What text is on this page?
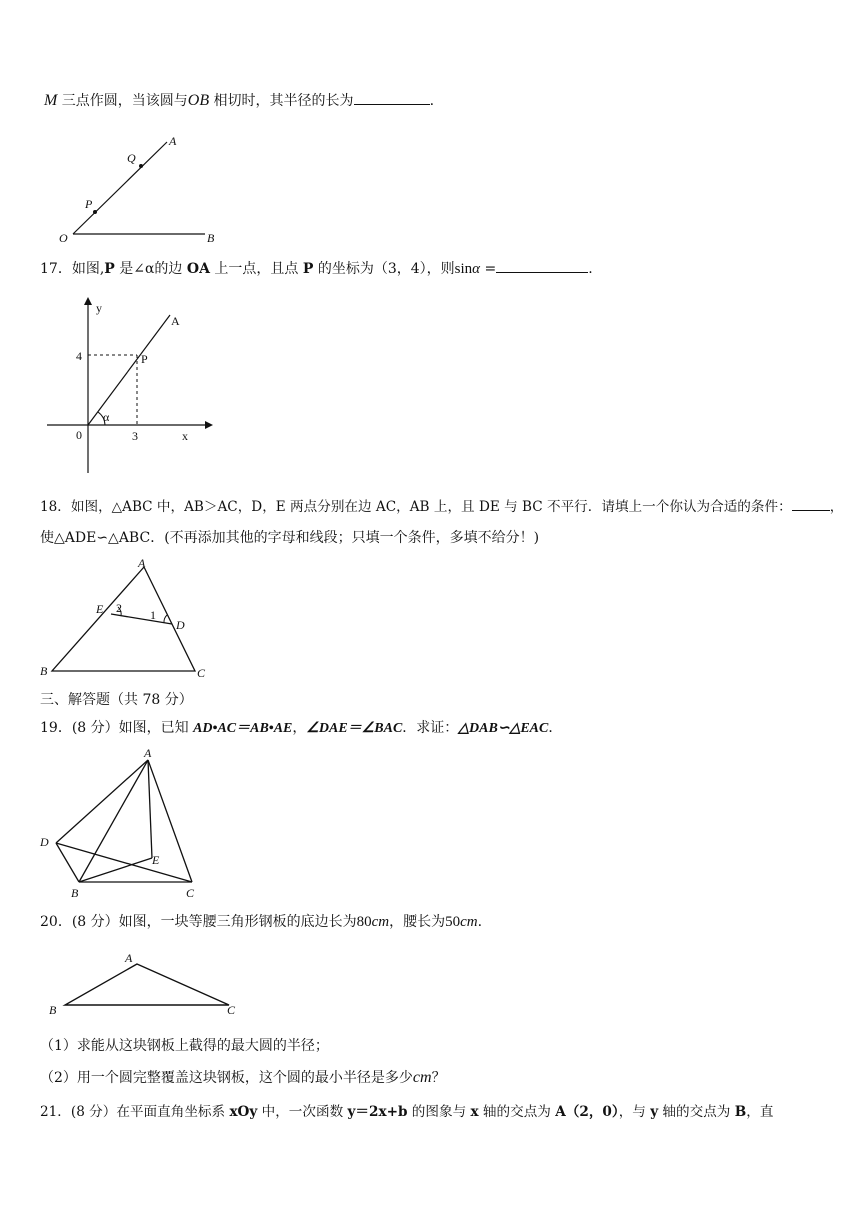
M 三点作圆，当该圆与OB 相切时，其半径的长为	.
O	B
A
Q
P
17．如图,P 是∠α的边 OA 上一点，且点 P 的坐标为（3，4），则sinα =	.
y
x
A
P
4
0	3
α
18．如图，△ABC 中，AB＞AC，D，E 两点分别在边 AC，AB 上，且 DE 与 BC 不平行．请填上一个你认为合适的条件：	，
使△ADE∽△ABC．(不再添加其他的字母和线段；只填一个条件，多填不给分！)
A
B	C
D
E	1
2
三、解答题（共 78 分）
19．(8 分）如图，已知 AD•AC＝AB•AE，∠DAE＝∠BAC．求证：△DAB∽△EAC．
A
B	C
D
E
20．(8 分）如图，一块等腰三角形钢板的底边长为80cm，腰长为50cm.
A
B	C
（1）求能从这块钢板上截得的最大圆的半径；
（2）用一个圆完整覆盖这块钢板，这个圆的最小半径是多少cm？
21．(8 分）在平面直角坐标系 xOy 中，一次函数 y＝2x+b 的图象与 x 轴的交点为 A（2，0），与 y 轴的交点为 B，直
